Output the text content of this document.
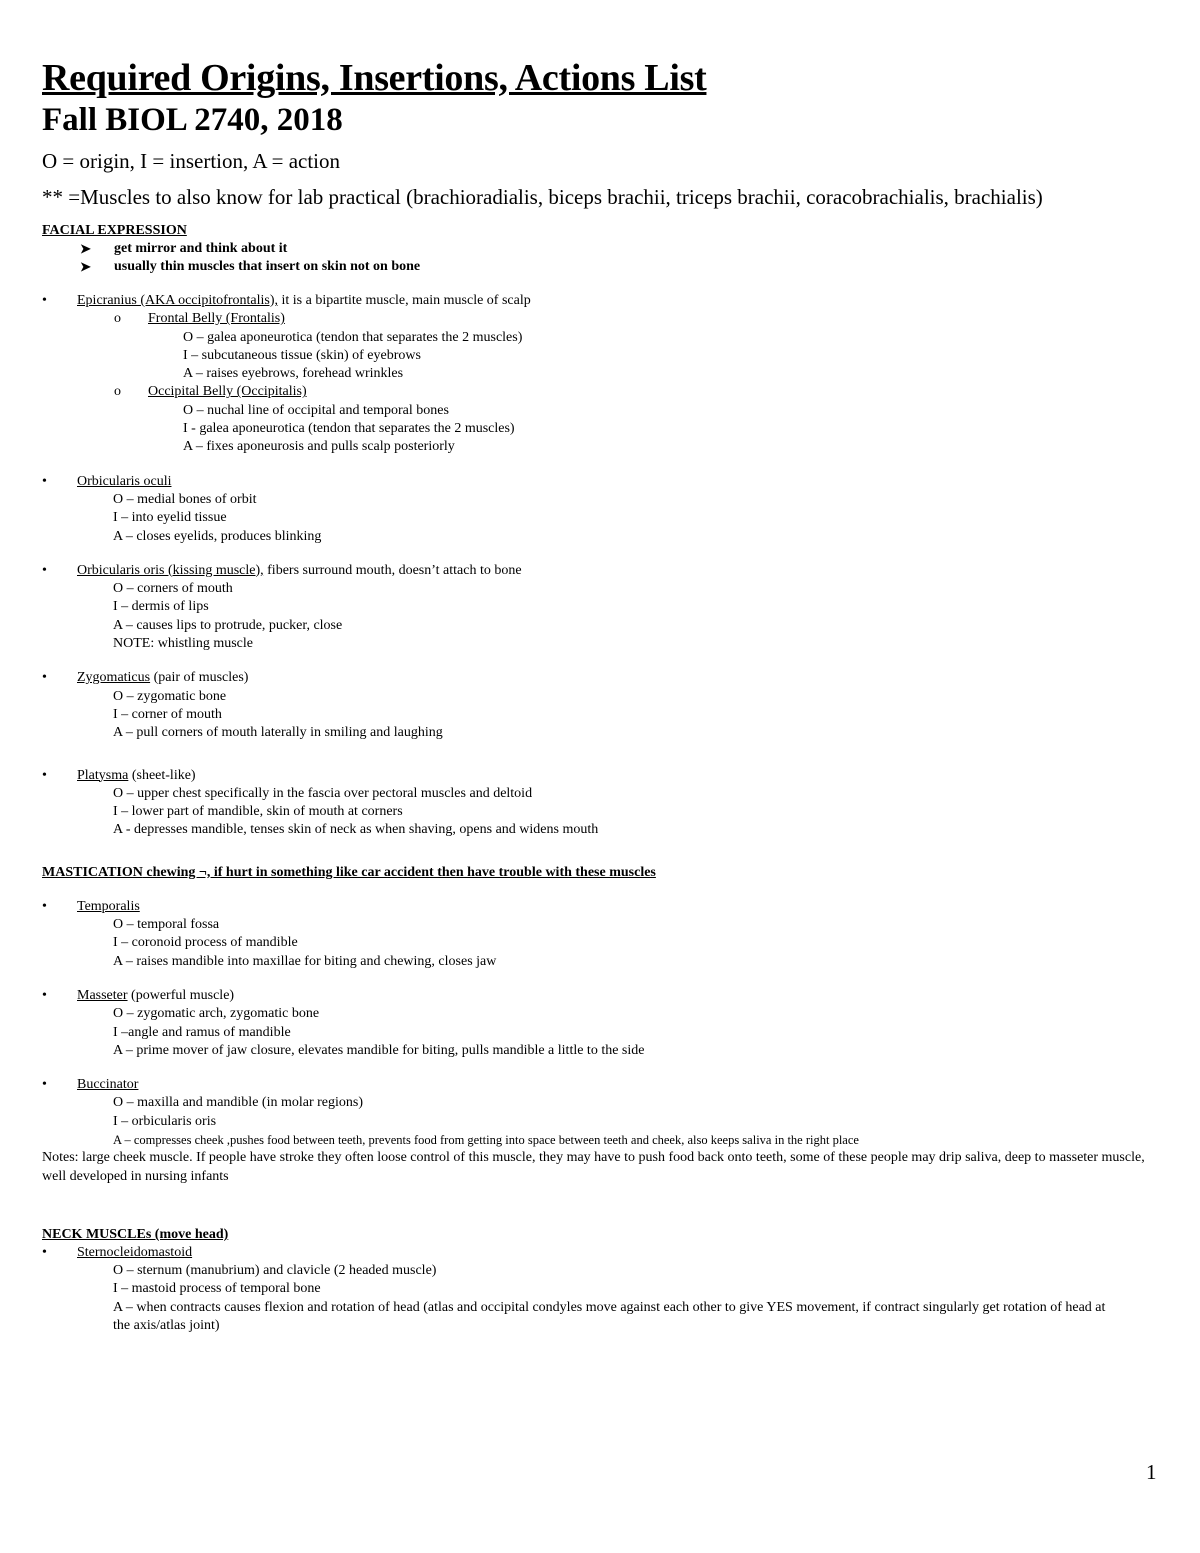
Required Origins, Insertions, Actions List
Fall BIOL 2740, 2018
O = origin, I = insertion, A = action
** =Muscles to also know for lab practical (brachioradialis, biceps brachii, triceps brachii, coracobrachialis, brachialis)
FACIAL EXPRESSION
➤ get mirror and think about it
➤ usually thin muscles that insert on skin not on bone
• Epicranius (AKA occipitofrontalis), it is a bipartite muscle, main muscle of scalp
o Frontal Belly (Frontalis)
O – galea aponeurotica (tendon that separates the 2 muscles)
I – subcutaneous tissue (skin) of eyebrows
A – raises eyebrows, forehead wrinkles
o Occipital Belly (Occipitalis)
O – nuchal line of occipital and temporal bones
I - galea aponeurotica (tendon that separates the 2 muscles)
A – fixes aponeurosis and pulls scalp posteriorly
• Orbicularis oculi
O – medial bones of orbit
I – into eyelid tissue
A – closes eyelids, produces blinking
• Orbicularis oris (kissing muscle), fibers surround mouth, doesn’t attach to bone
O – corners of mouth
I – dermis of lips
A – causes lips to protrude, pucker, close
NOTE: whistling muscle
• Zygomaticus (pair of muscles)
O – zygomatic bone
I – corner of mouth
A – pull corners of mouth laterally in smiling and laughing
• Platysma (sheet-like)
O – upper chest specifically in the fascia over pectoral muscles and deltoid
I – lower part of mandible, skin of mouth at corners
A - depresses mandible, tenses skin of neck as when shaving, opens and widens mouth
MASTICATION chewing ¬, if hurt in something like car accident then have trouble with these muscles
• Temporalis
O – temporal fossa
I – coronoid process of mandible
A – raises mandible into maxillae for biting and chewing, closes jaw
• Masseter (powerful muscle)
O – zygomatic arch, zygomatic bone
I –angle and ramus of mandible
A – prime mover of jaw closure, elevates mandible for biting, pulls mandible a little to the side
• Buccinator
O – maxilla and mandible (in molar regions)
I – orbicularis oris
A – compresses cheek ,pushes food between teeth, prevents food from getting into space between teeth and cheek, also keeps saliva in the right place
Notes: large cheek muscle. If people have stroke they often loose control of this muscle, they may have to push food back onto teeth, some of these people may drip saliva, deep to masseter muscle, well developed in nursing infants
NECK MUSCLEs (move head)
• Sternocleidomastoid
O – sternum (manubrium) and clavicle (2 headed muscle)
I – mastoid process of temporal bone
A – when contracts causes flexion and rotation of head (atlas and occipital condyles move against each other to give YES movement, if contract singularly get rotation of head at the axis/atlas joint)
1
